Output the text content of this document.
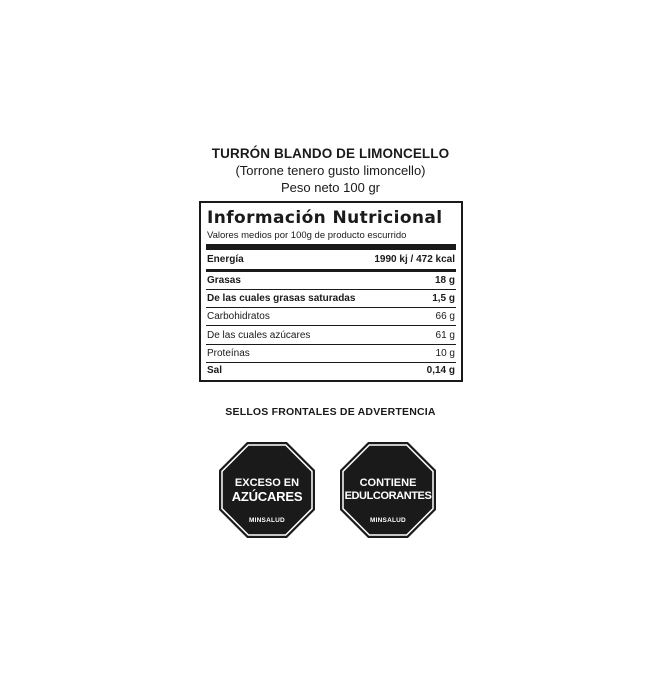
TURRÓN BLANDO DE LIMONCELLO
(Torrone tenero gusto limoncello)
Peso neto 100 gr
Información Nutricional
Valores medios por 100g de producto escurrido
Energía	1990 kj / 472 kcal
Grasas	18 g
De las cuales grasas saturadas	1,5 g
Carbohidratos	66 g
De las cuales azúcares	61 g
Proteínas	10 g
Sal	0,14 g
SELLOS FRONTALES DE ADVERTENCIA
EXCESO EN
AZÚCARES
MINSALUD
CONTIENE
EDULCORANTES
MINSALUD
